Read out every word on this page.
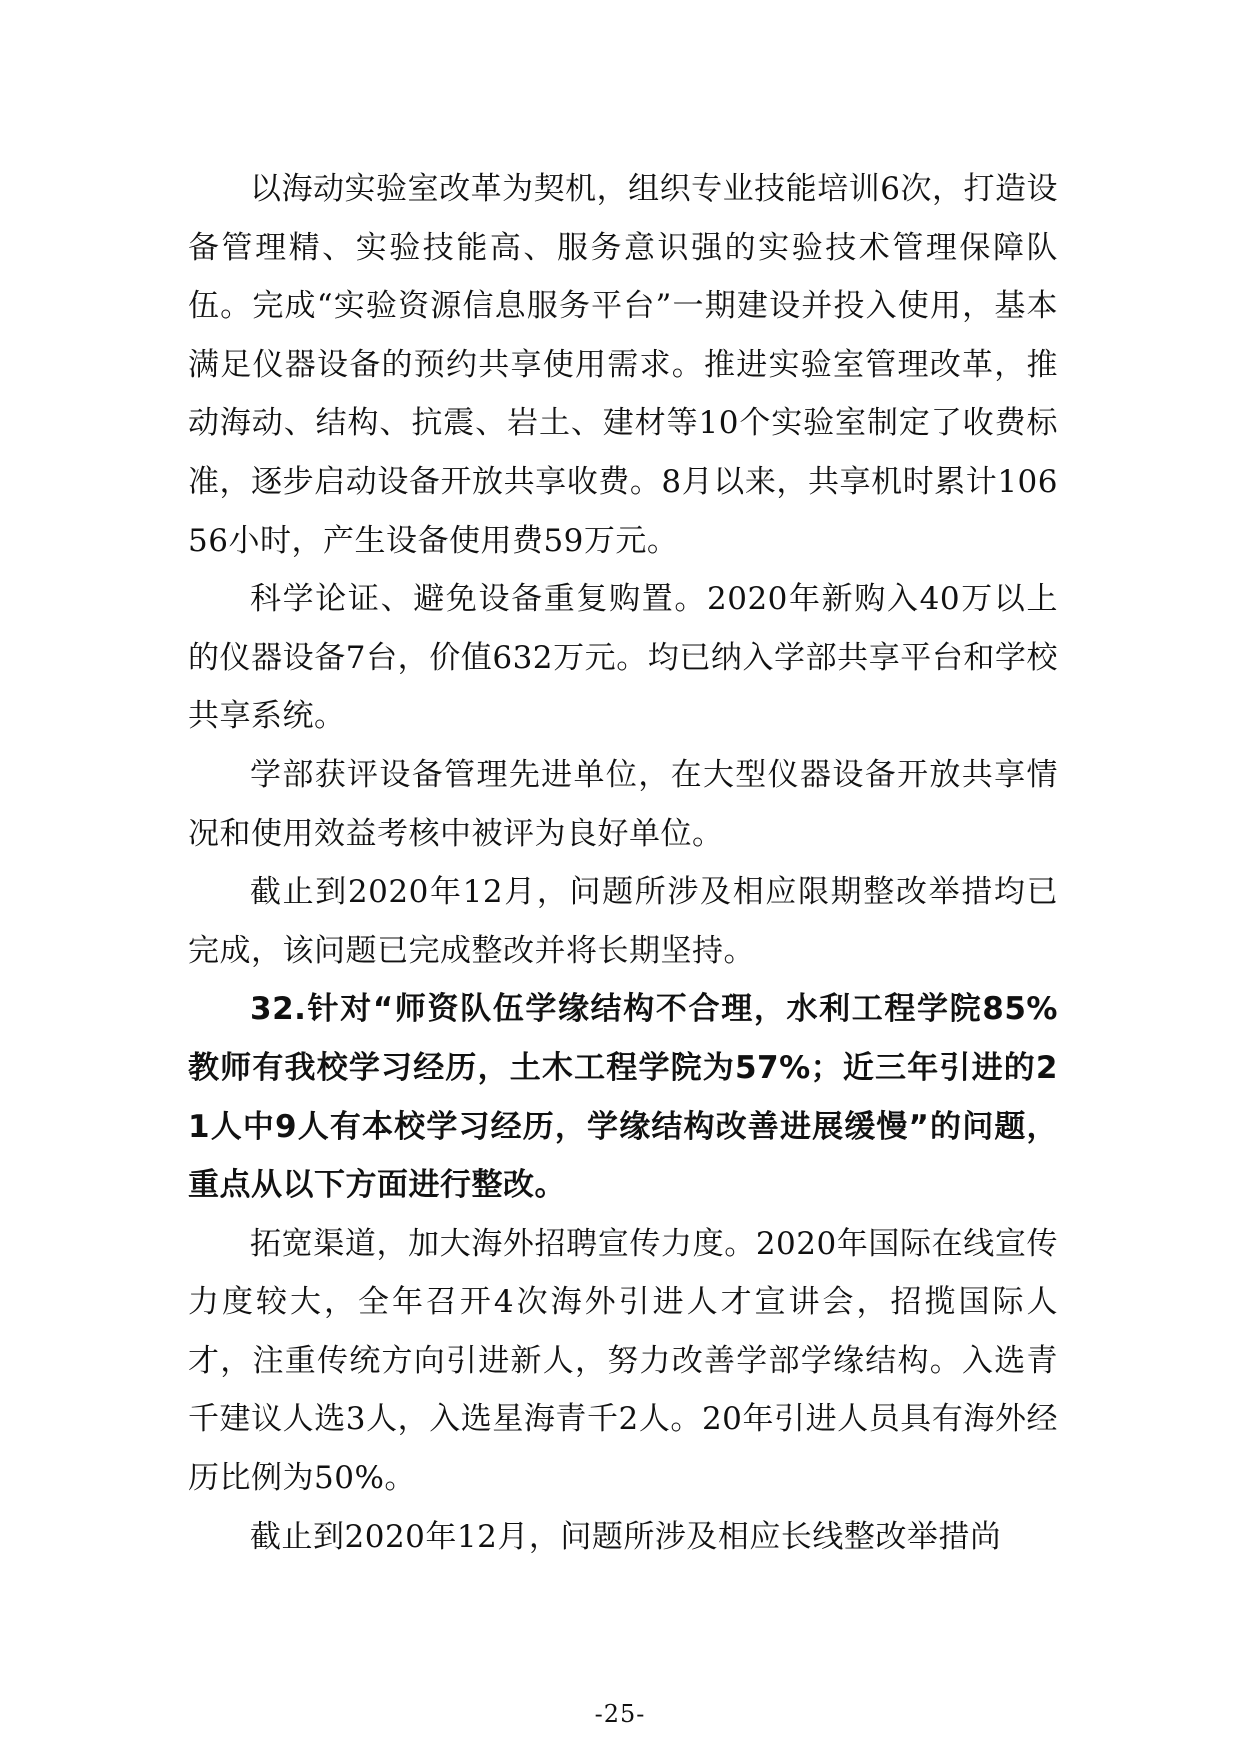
以海动实验室改革为契机，组织专业技能培训6次，打造设备管理精、实验技能高、服务意识强的实验技术管理保障队伍。完成“实验资源信息服务平台”一期建设并投入使用，基本满足仪器设备的预约共享使用需求。推进实验室管理改革，推动海动、结构、抗震、岩土、建材等10个实验室制定了收费标准，逐步启动设备开放共享收费。8月以来，共享机时累计10656小时，产生设备使用费59万元。

科学论证、避免设备重复购置。2020年新购入40万以上的仪器设备7台，价值632万元。均已纳入学部共享平台和学校共享系统。

学部获评设备管理先进单位，在大型仪器设备开放共享情况和使用效益考核中被评为良好单位。

截止到2020年12月，问题所涉及相应限期整改举措均已完成，该问题已完成整改并将长期坚持。

32.针对“师资队伍学缘结构不合理，水利工程学院85%教师有我校学习经历，土木工程学院为57%；近三年引进的21人中9人有本校学习经历，学缘结构改善进展缓慢”的问题，重点从以下方面进行整改。

拓宽渠道，加大海外招聘宣传力度。2020年国际在线宣传力度较大，全年召开4次海外引进人才宣讲会，招揽国际人才，注重传统方向引进新人，努力改善学部学缘结构。入选青千建议人选3人，入选星海青千2人。20年引进人员具有海外经历比例为50%。

截止到2020年12月，问题所涉及相应长线整改举措尚

-25-
